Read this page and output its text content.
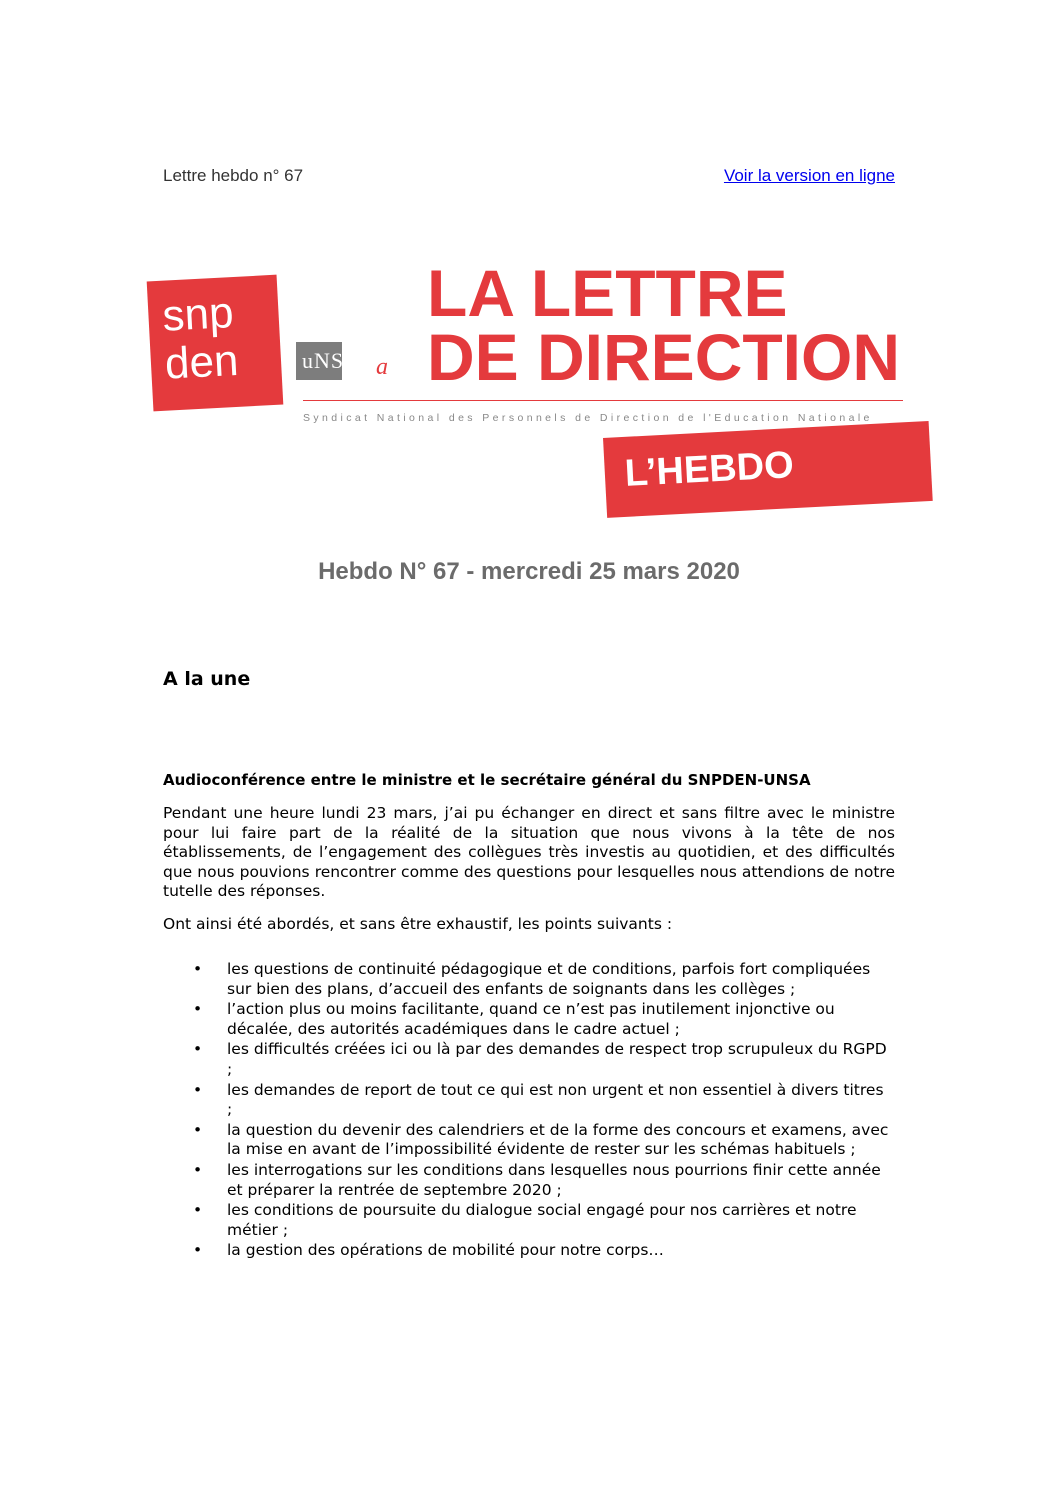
Lettre hebdo n° 67	Voir la version en ligne
snp
den	uNS a
LA LETTRE
DE DIRECTION
Syndicat National des Personnels de Direction de l'Education Nationale
L’HEBDO
Hebdo N° 67 - mercredi 25 mars 2020
A la une
Audioconférence entre le ministre et le secrétaire général du SNPDEN-UNSA
Pendant une heure lundi 23 mars, j’ai pu échanger en direct et sans filtre avec le ministre pour lui faire part de la réalité de la situation que nous vivons à la tête de nos établissements, de l’engagement des collègues très investis au quotidien, et des difficultés que nous pouvions rencontrer comme des questions pour lesquelles nous attendions de notre tutelle des réponses.
Ont ainsi été abordés, et sans être exhaustif, les points suivants :
• les questions de continuité pédagogique et de conditions, parfois fort compliquées sur bien des plans, d’accueil des enfants de soignants dans les collèges ;
• l’action plus ou moins facilitante, quand ce n’est pas inutilement injonctive ou décalée, des autorités académiques dans le cadre actuel ;
• les difficultés créées ici ou là par des demandes de respect trop scrupuleux du RGPD ;
• les demandes de report de tout ce qui est non urgent et non essentiel à divers titres ;
• la question du devenir des calendriers et de la forme des concours et examens, avec la mise en avant de l’impossibilité évidente de rester sur les schémas habituels ;
• les interrogations sur les conditions dans lesquelles nous pourrions finir cette année et préparer la rentrée de septembre 2020 ;
• les conditions de poursuite du dialogue social engagé pour nos carrières et notre métier ;
• la gestion des opérations de mobilité pour notre corps…
